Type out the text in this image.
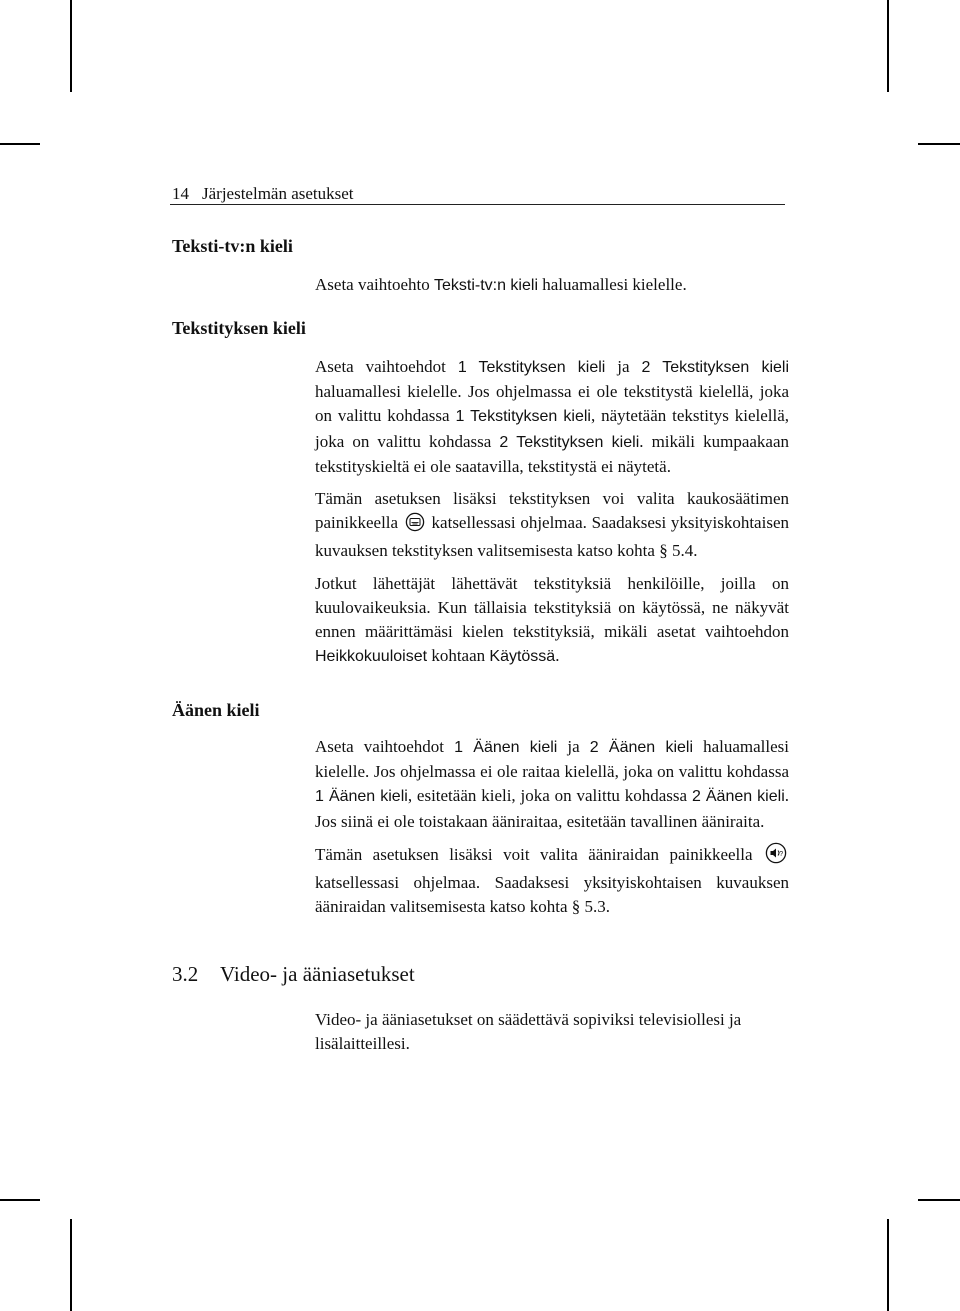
14 Järjestelmän asetukset
Teksti-tv:n kieli

Aseta vaihtoehto Teksti-tv:n kieli haluamallesi kielelle.

Tekstityksen kieli

Aseta vaihtoehdot 1 Tekstityksen kieli ja 2 Tekstityksen kieli haluamallesi kielelle. Jos ohjelmassa ei ole tekstitystä kielellä, joka on valittu kohdassa 1 Tekstityksen kieli, näytetään tekstitys kielellä, joka on valittu kohdassa 2 Tekstityksen kieli. mikäli kumpaakaan tekstityskieltä ei ole saatavilla, tekstitystä ei näytetä.

Tämän asetuksen lisäksi tekstityksen voi valita kaukosäätimen painikkeella katsellessasi ohjelmaa. Saadaksesi yksityiskohtaisen kuvauksen tekstityksen valitsemisesta katso kohta § 5.4.

Jotkut lähettäjät lähettävät tekstityksiä henkilöille, joilla on kuulovaikeuksia. Kun tällaisia tekstityksiä on käytössä, ne näkyvät ennen määrittämäsi kielen tekstityksiä, mikäli asetat vaihtoehdon Heikkokuuloiset kohtaan Käytössä.

Äänen kieli

Aseta vaihtoehdot 1 Äänen kieli ja 2 Äänen kieli haluamallesi kielelle. Jos ohjelmassa ei ole raitaa kielellä, joka on valittu kohdassa 1 Äänen kieli, esitetään kieli, joka on valittu kohdassa 2 Äänen kieli. Jos siinä ei ole toistakaan ääniraitaa, esitetään tavallinen ääniraita.

Tämän asetuksen lisäksi voit valita ääniraidan painikkeella	?
katsellessasi ohjelmaa. Saadaksesi yksityiskohtaisen kuvauksen ääniraidan valitsemisesta katso kohta § 5.3.

3.2 Video- ja ääniasetukset

Video- ja ääniasetukset on säädettävä sopiviksi televisiollesi ja lisälaitteillesi.
